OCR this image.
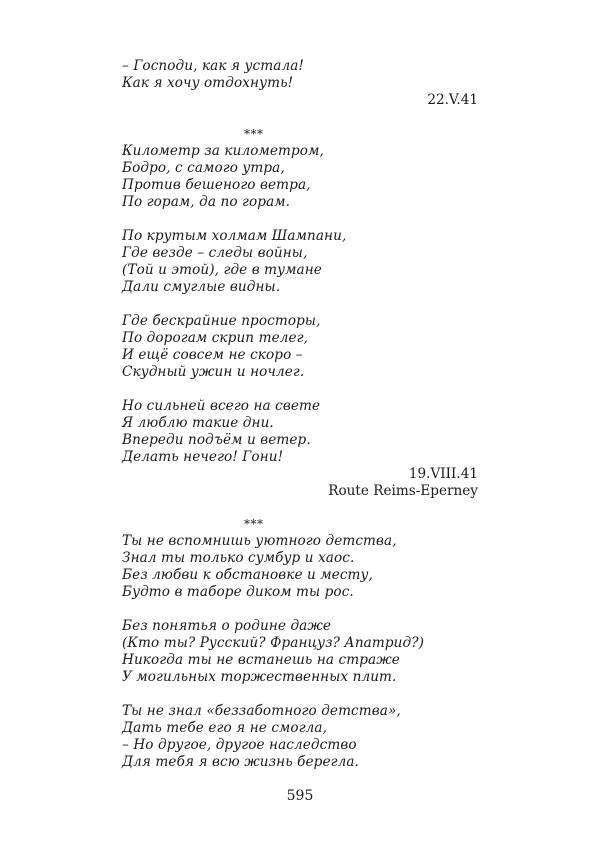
– Господи, как я устала!
Как я хочу отдохнуть!
22.V.41
***
Километр за километром,
Бодро, с самого утра,
Против бешеного ветра,
По горам, да по горам.
По крутым холмам Шампани,
Где везде – следы войны,
(Той и этой), где в тумане
Дали смуглые видны.
Где бескрайние просторы,
По дорогам скрип телег,
И ещё совсем не скоро –
Скудный ужин и ночлег.
Но сильней всего на свете
Я люблю такие дни.
Впереди подъём и ветер.
Делать нечего! Гони!
19.VIII.41
Route Reims-Eperney
***
Ты не вспомнишь уютного детства,
Знал ты только сумбур и хаос.
Без любви к обстановке и месту,
Будто в таборе диком ты рос.
Без понятья о родине даже
(Кто ты? Русский? Француз? Апатрид?)
Никогда ты не встанешь на страже
У могильных торжественных плит.
Ты не знал «беззаботного детства»,
Дать тебе его я не смогла,
– Но другое, другое наследство
Для тебя я всю жизнь берегла.
595
